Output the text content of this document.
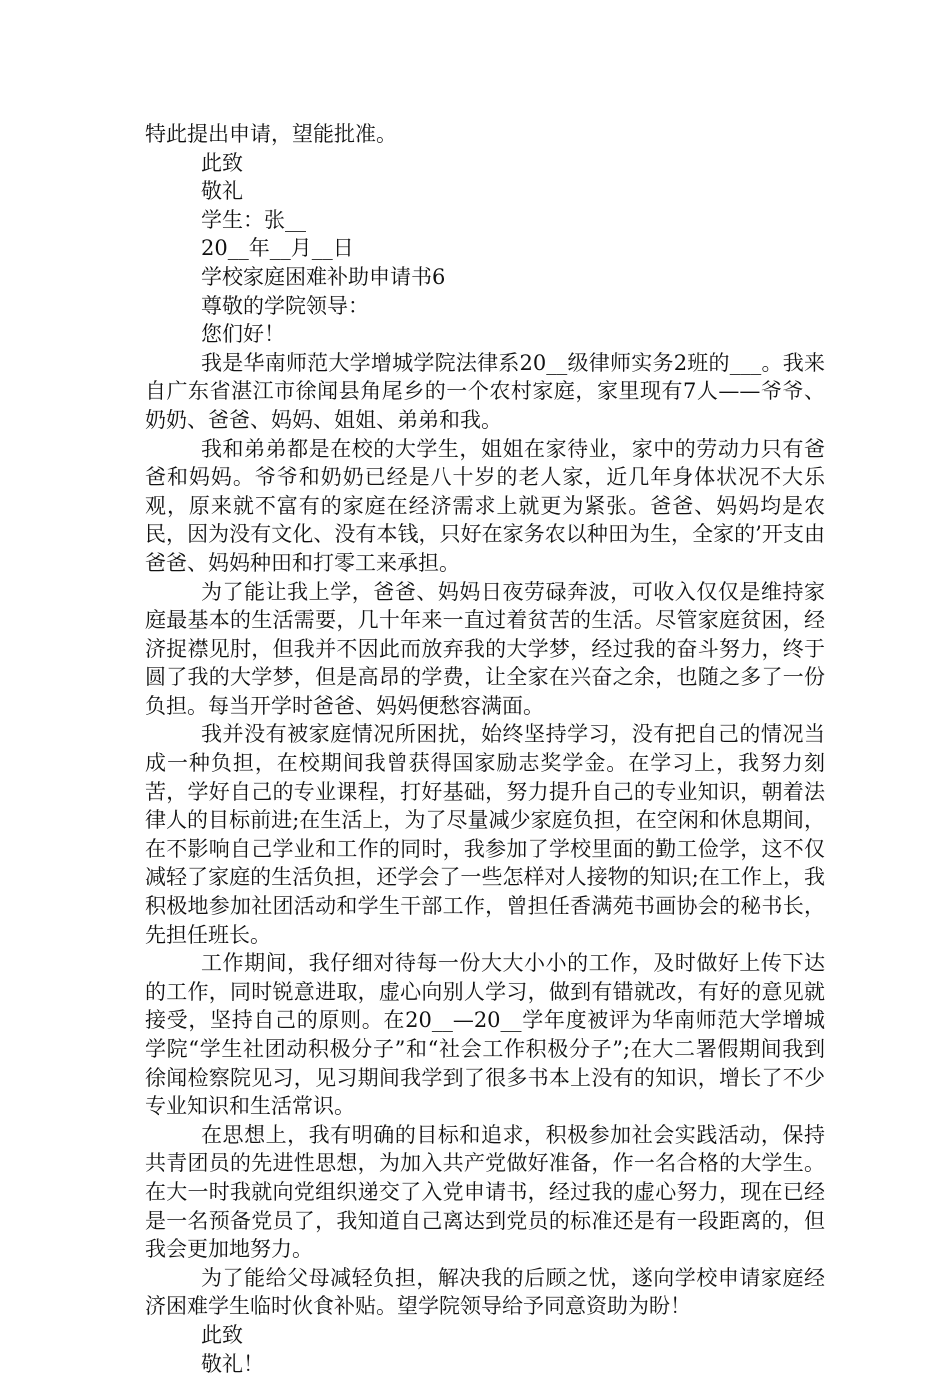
特此提出申请，望能批准。
此致
敬礼
学生：张__
20__年__月__日
学校家庭困难补助申请书6
尊敬的学院领导：
您们好！
我是华南师范大学增城学院法律系20__级律师实务2班的___。我来自广东省湛江市徐闻县角尾乡的一个农村家庭，家里现有7人——爷爷、奶奶、爸爸、妈妈、姐姐、弟弟和我。
我和弟弟都是在校的大学生，姐姐在家待业，家中的劳动力只有爸爸和妈妈。爷爷和奶奶已经是八十岁的老人家，近几年身体状况不大乐观，原来就不富有的家庭在经济需求上就更为紧张。爸爸、妈妈均是农民，因为没有文化、没有本钱，只好在家务农以种田为生，全家的’开支由爸爸、妈妈种田和打零工来承担。
为了能让我上学，爸爸、妈妈日夜劳碌奔波，可收入仅仅是维持家庭最基本的生活需要，几十年来一直过着贫苦的生活。尽管家庭贫困，经济捉襟见肘，但我并不因此而放弃我的大学梦，经过我的奋斗努力，终于圆了我的大学梦，但是高昂的学费，让全家在兴奋之余，也随之多了一份负担。每当开学时爸爸、妈妈便愁容满面。
我并没有被家庭情况所困扰，始终坚持学习，没有把自己的情况当成一种负担，在校期间我曾获得国家励志奖学金。在学习上，我努力刻苦，学好自己的专业课程，打好基础，努力提升自己的专业知识，朝着法律人的目标前进;在生活上，为了尽量减少家庭负担，在空闲和休息期间，在不影响自己学业和工作的同时，我参加了学校里面的勤工俭学，这不仅减轻了家庭的生活负担，还学会了一些怎样对人接物的知识;在工作上，我积极地参加社团活动和学生干部工作，曾担任香满苑书画协会的秘书长，先担任班长。
工作期间，我仔细对待每一份大大小小的工作，及时做好上传下达的工作，同时锐意进取，虚心向别人学习，做到有错就改，有好的意见就接受，坚持自己的原则。在20__—20__学年度被评为华南师范大学增城学院“学生社团动积极分子”和“社会工作积极分子”;在大二署假期间我到徐闻检察院见习，见习期间我学到了很多书本上没有的知识，增长了不少专业知识和生活常识。
在思想上，我有明确的目标和追求，积极参加社会实践活动，保持共青团员的先进性思想，为加入共产党做好准备，作一名合格的大学生。在大一时我就向党组织递交了入党申请书，经过我的虚心努力，现在已经是一名预备党员了，我知道自己离达到党员的标准还是有一段距离的，但我会更加地努力。
为了能给父母减轻负担，解决我的后顾之忧，遂向学校申请家庭经济困难学生临时伙食补贴。望学院领导给予同意资助为盼！
此致
敬礼！
